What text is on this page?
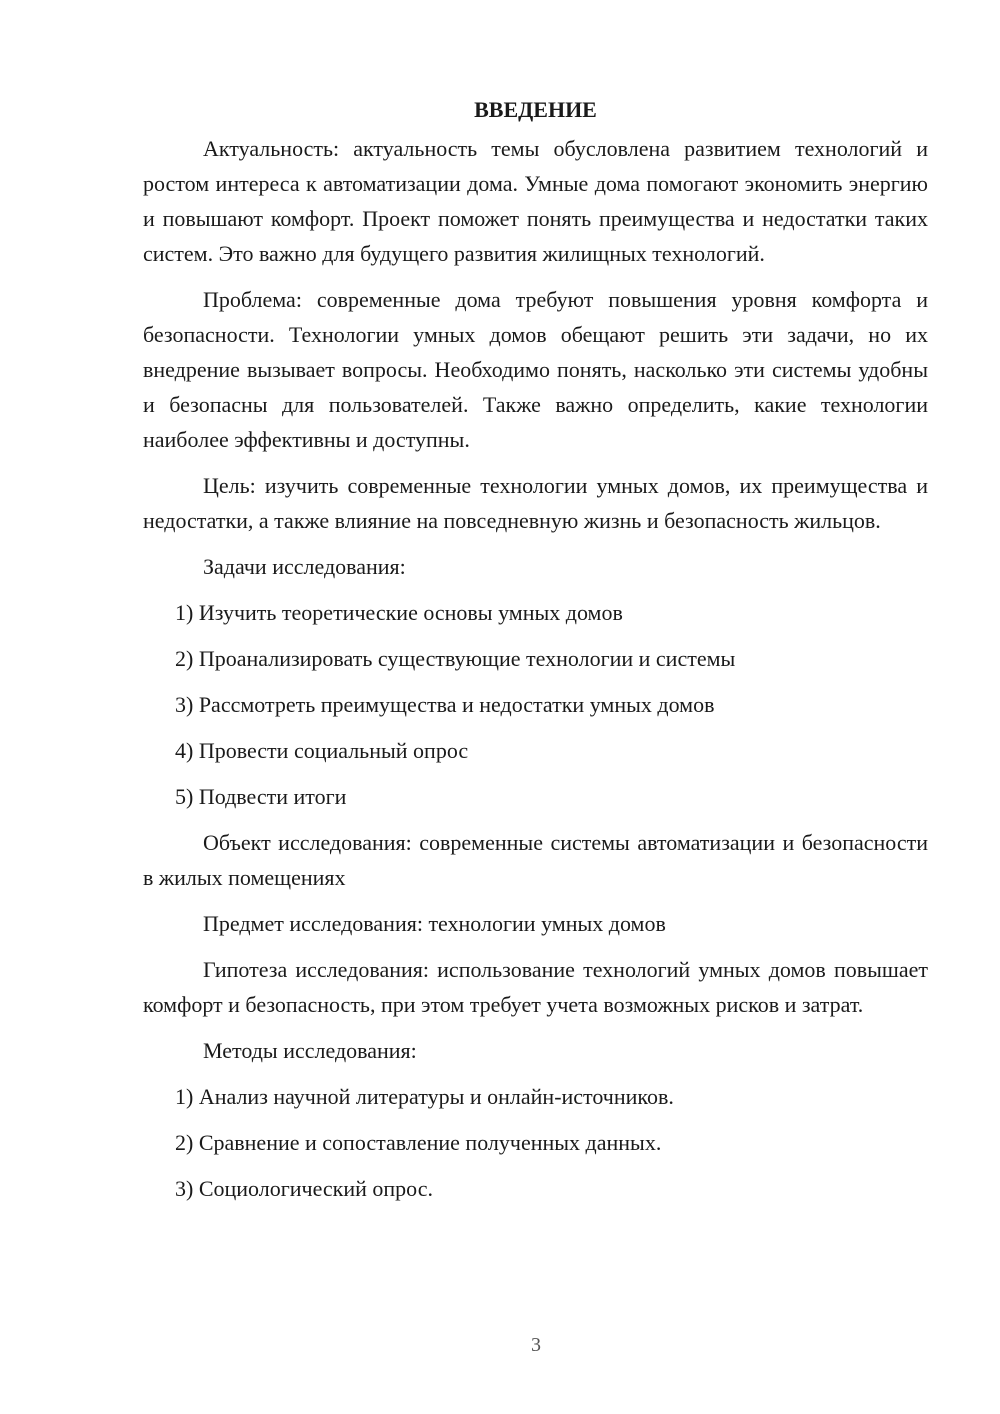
ВВЕДЕНИЕ

Актуальность: актуальность темы обусловлена развитием технологий и ростом интереса к автоматизации дома. Умные дома помогают экономить энергию и повышают комфорт. Проект поможет понять преимущества и недостатки таких систем. Это важно для будущего развития жилищных технологий.

Проблема: современные дома требуют повышения уровня комфорта и безопасности. Технологии умных домов обещают решить эти задачи, но их внедрение вызывает вопросы. Необходимо понять, насколько эти системы удобны и безопасны для пользователей. Также важно определить, какие технологии наиболее эффективны и доступны.

Цель: изучить современные технологии умных домов, их преимущества и недостатки, а также влияние на повседневную жизнь и безопасность жильцов.

Задачи исследования:

1) Изучить теоретические основы умных домов
2) Проанализировать существующие технологии и системы
3) Рассмотреть преимущества и недостатки умных домов
4) Провести социальный опрос
5) Подвести итоги

Объект исследования: современные системы автоматизации и безопасности в жилых помещениях

Предмет исследования: технологии умных домов

Гипотеза исследования: использование технологий умных домов повышает комфорт и безопасность, при этом требует учета возможных рисков и затрат.

Методы исследования:

1) Анализ научной литературы и онлайн-источников.
2) Сравнение и сопоставление полученных данных.
3) Социологический опрос.
3
